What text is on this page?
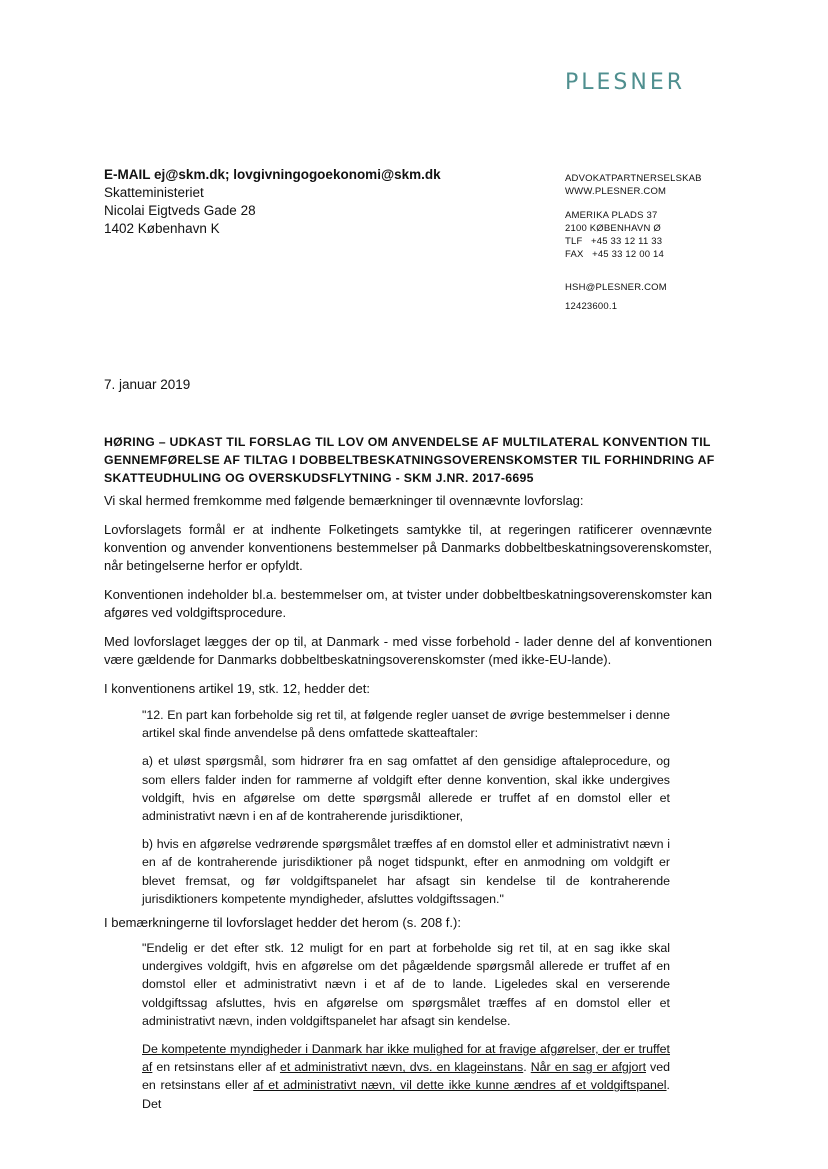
PLESNER
E-MAIL ej@skm.dk; lovgivningogoekonomi@skm.dk
Skatteministeriet
Nicolai Eigtveds Gade 28
1402 København K
ADVOKATPARTNERSELSKAB
WWW.PLESNER.COM
AMERIKA PLADS 37
2100 KØBENHAVN Ø
TLF   +45 33 12 11 33
FAX   +45 33 12 00 14
HSH@PLESNER.COM
12423600.1
7. januar 2019
HØRING – UDKAST TIL FORSLAG TIL LOV OM ANVENDELSE AF MULTILATERAL KONVENTION TIL GENNEMFØRELSE AF TILTAG I DOBBELTBESKATNINGSOVERENSKOMSTER TIL FORHINDRING AF SKATTEUDHULING OG OVERSKUDSFLYTNING - SKM J.NR. 2017-6695

Vi skal hermed fremkomme med følgende bemærkninger til ovennævnte lovforslag:

Lovforslagets formål er at indhente Folketingets samtykke til, at regeringen ratificerer ovennævnte konvention og anvender konventionens bestemmelser på Danmarks dobbeltbeskatningsoverenskomster, når betingelserne herfor er opfyldt.

Konventionen indeholder bl.a. bestemmelser om, at tvister under dobbeltbeskatningsoverenskomster kan afgøres ved voldgiftsprocedure.

Med lovforslaget lægges der op til, at Danmark - med visse forbehold - lader denne del af konventionen være gældende for Danmarks dobbeltbeskatningsoverenskomster (med ikke-EU-lande).

I konventionens artikel 19, stk. 12, hedder det:

"12. En part kan forbeholde sig ret til, at følgende regler uanset de øvrige bestemmelser i denne artikel skal finde anvendelse på dens omfattede skatteaftaler:

a) et uløst spørgsmål, som hidrører fra en sag omfattet af den gensidige aftaleprocedure, og som ellers falder inden for rammerne af voldgift efter denne konvention, skal ikke undergives voldgift, hvis en afgørelse om dette spørgsmål allerede er truffet af en domstol eller et administrativt nævn i en af de kontraherende jurisdiktioner,

b) hvis en afgørelse vedrørende spørgsmålet træffes af en domstol eller et administrativt nævn i en af de kontraherende jurisdiktioner på noget tidspunkt, efter en anmodning om voldgift er blevet fremsat, og før voldgiftspanelet har afsagt sin kendelse til de kontraherende jurisdiktioners kompetente myndigheder, afsluttes voldgiftssagen."

I bemærkningerne til lovforslaget hedder det herom (s. 208 f.):

"Endelig er det efter stk. 12 muligt for en part at forbeholde sig ret til, at en sag ikke skal undergives voldgift, hvis en afgørelse om det pågældende spørgsmål allerede er truffet af en domstol eller et administrativt nævn i et af de to lande. Ligeledes skal en verserende voldgiftssag afsluttes, hvis en afgørelse om spørgsmålet træffes af en domstol eller et administrativt nævn, inden voldgiftspanelet har afsagt sin kendelse.

De kompetente myndigheder i Danmark har ikke mulighed for at fravige afgørelser, der er truffet af en retsinstans eller af et administrativt nævn, dvs. en klageinstans. Når en sag er afgjort ved en retsinstans eller af et administrativt nævn, vil dette ikke kunne ændres af et voldgiftspanel. Det
